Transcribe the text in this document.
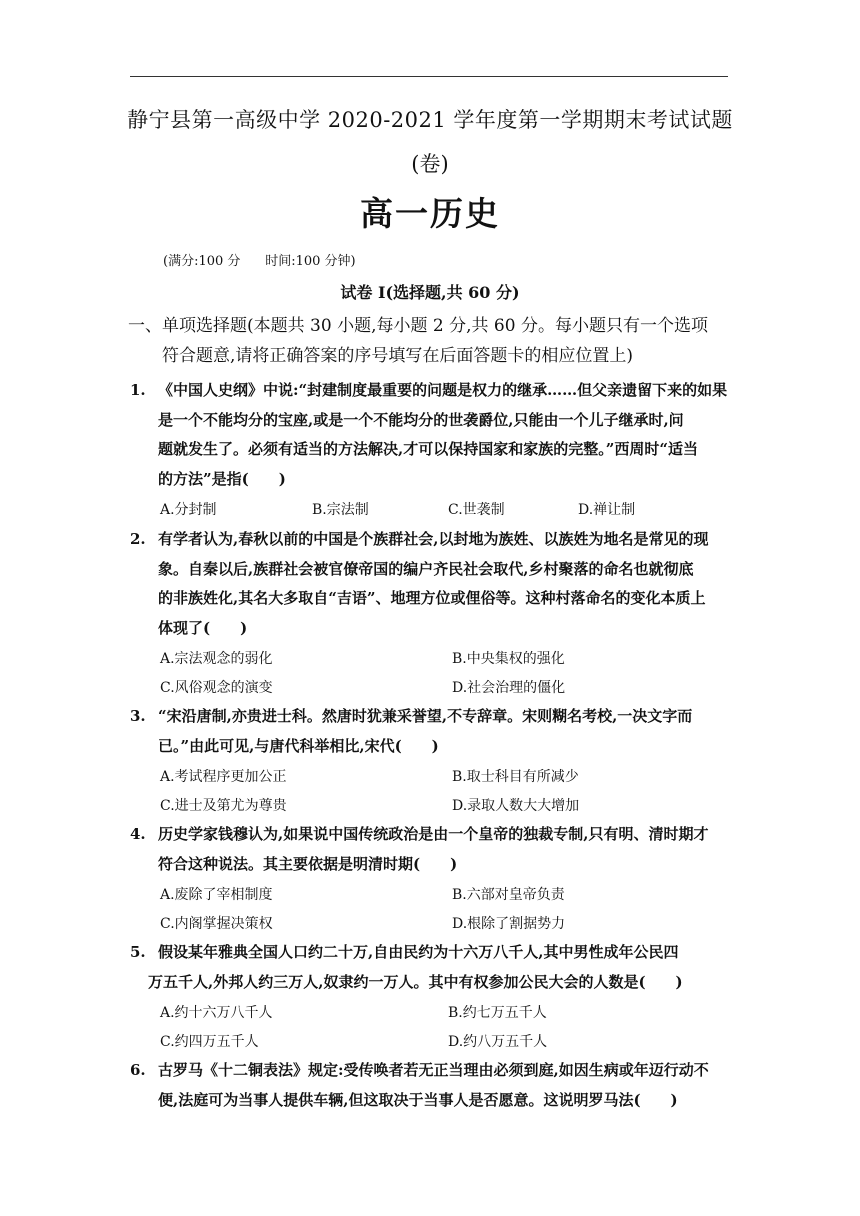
静宁县第一高级中学 2020-2021 学年度第一学期期末考试试题
(卷)
高一历史
(满分:100 分 时间:100 分钟)
试卷 I(选择题,共 60 分)
一、单项选择题(本题共 30 小题,每小题 2 分,共 60 分。每小题只有一个选项
符合题意,请将正确答案的序号填写在后面答题卡的相应位置上)
1. 《中国人史纲》中说:“封建制度最重要的问题是权力的继承……但父亲遗留下来的如果
是一个不能均分的宝座,或是一个不能均分的世袭爵位,只能由一个儿子继承时,问
题就发生了。必须有适当的方法解决,才可以保持国家和家族的完整。”西周时“适当
的方法”是指(　　)
A.分封制	B.宗法制	C.世袭制	D.禅让制
2. 有学者认为,春秋以前的中国是个族群社会,以封地为族姓、以族姓为地名是常见的现
象。自秦以后,族群社会被官僚帝国的编户齐民社会取代,乡村聚落的命名也就彻底
的非族姓化,其名大多取自“吉语”、地理方位或俚俗等。这种村落命名的变化本质上
体现了(　　)
A.宗法观念的弱化	B.中央集权的强化
C.风俗观念的演变	D.社会治理的僵化
3. “宋沿唐制,亦贵进士科。然唐时犹兼采誉望,不专辞章。宋则糊名考校,一决文字而
已。”由此可见,与唐代科举相比,宋代(　　)
A.考试程序更加公正	B.取士科目有所减少
C.进士及第尤为尊贵	D.录取人数大大增加
4. 历史学家钱穆认为,如果说中国传统政治是由一个皇帝的独裁专制,只有明、清时期才
符合这种说法。其主要依据是明清时期(　　)
A.废除了宰相制度	B.六部对皇帝负责
C.内阁掌握决策权	D.根除了割据势力
5. 假设某年雅典全国人口约二十万,自由民约为十六万八千人,其中男性成年公民四
万五千人,外邦人约三万人,奴隶约一万人。其中有权参加公民大会的人数是(　　)
A.约十六万八千人	B.约七万五千人
C.约四万五千人	D.约八万五千人
6. 古罗马《十二铜表法》规定:受传唤者若无正当理由必须到庭,如因生病或年迈行动不
便,法庭可为当事人提供车辆,但这取决于当事人是否愿意。这说明罗马法(　　)
